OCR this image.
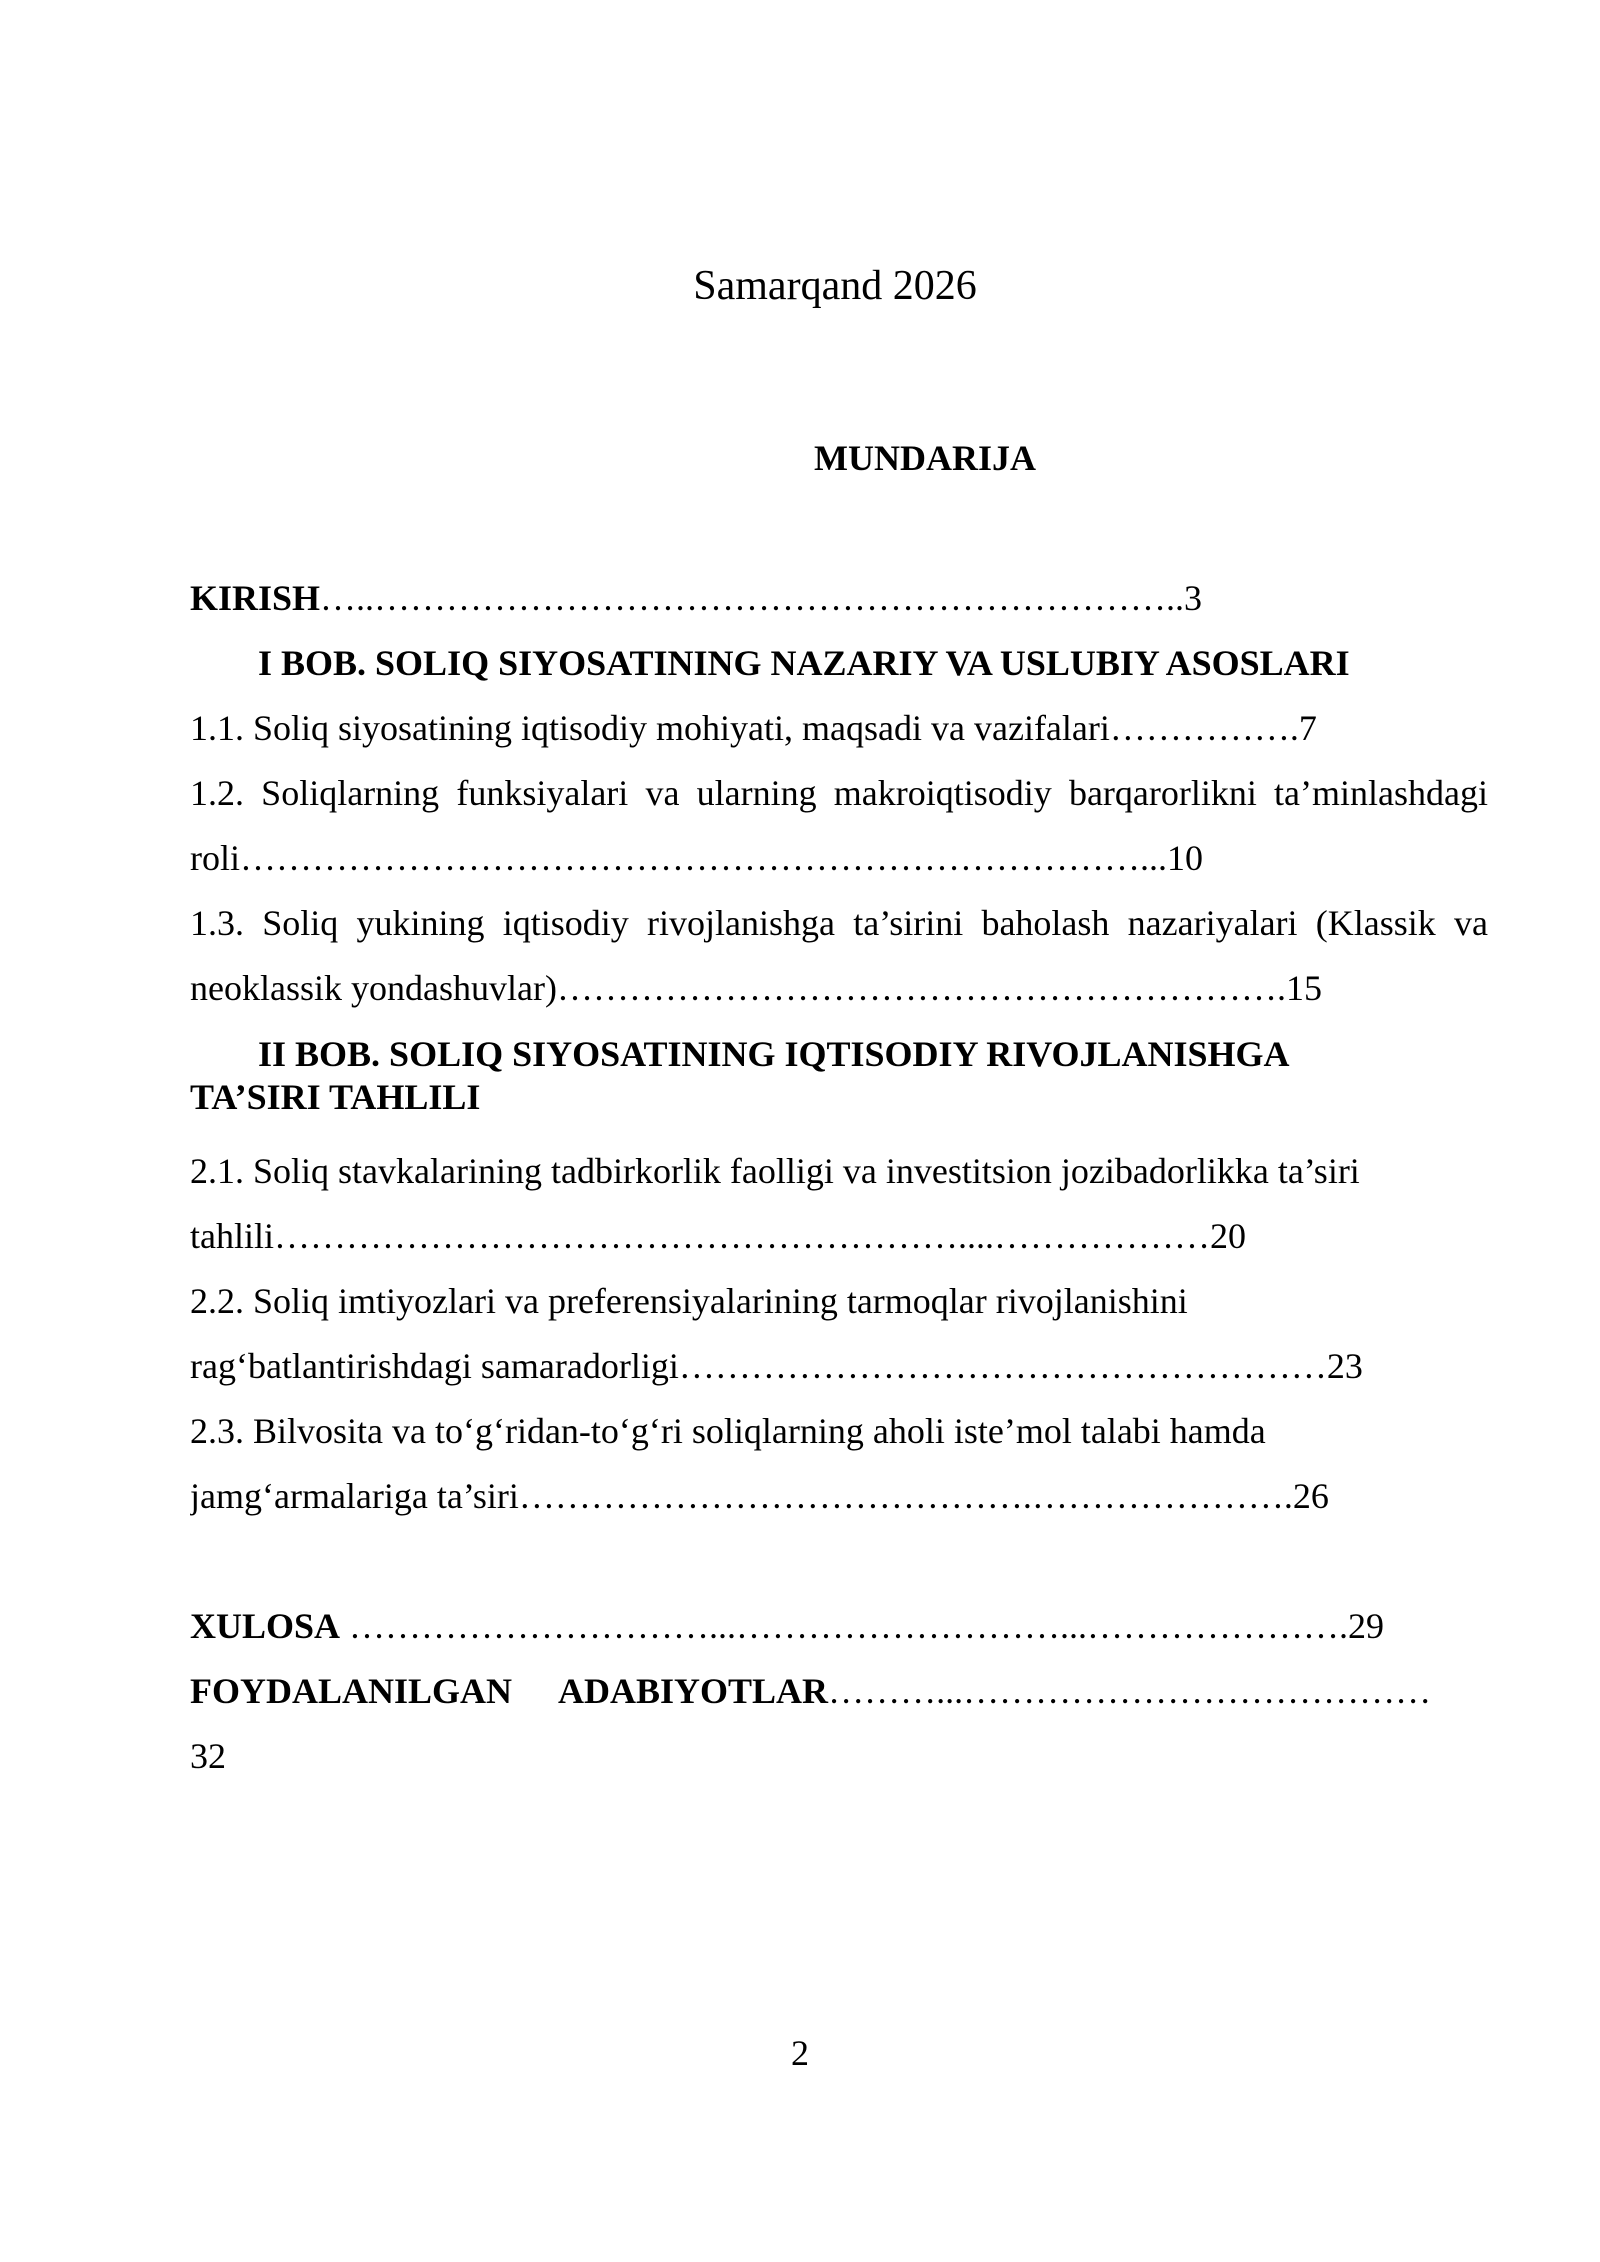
Samarqand 2026
MUNDARIJA
KIRISH…..…………………………………………………………..3
I BOB. SOLIQ SIYOSATINING NAZARIY VA USLUBIY ASOSLARI
1.1. Soliq siyosatining iqtisodiy mohiyati, maqsadi va vazifalari…………….7
1.2. Soliqlarning funksiyalari va ularning makroiqtisodiy barqarorlikni ta’minlashdagi
roli…………………………………………………………………...10
1.3. Soliq yukining iqtisodiy rivojlanishga ta’sirini baholash nazariyalari (Klassik va
neoklassik yondashuvlar)…………………………………………………….15
II BOB. SOLIQ SIYOSATINING IQTISODIY RIVOJLANISHGA
TA’SIRI TAHLILI
2.1. Soliq stavkalarining tadbirkorlik faolligi va investitsion jozibadorlikka ta’siri
tahlili…………………………………………………....………………20
2.2. Soliq imtiyozlari va preferensiyalarining tarmoqlar rivojlanishini
rag‘batlantirishdagi samaradorligi………………………………………………23
2.3. Bilvosita va to‘g‘ridan-to‘g‘ri soliqlarning aholi iste’mol talabi hamda
jamg‘armalariga ta’siri…………………………………….………………….26
XULOSA …………………………...………………………...………………….29
FOYDALANILGAN ADABIYOTLAR………...…………………………………
32
2
